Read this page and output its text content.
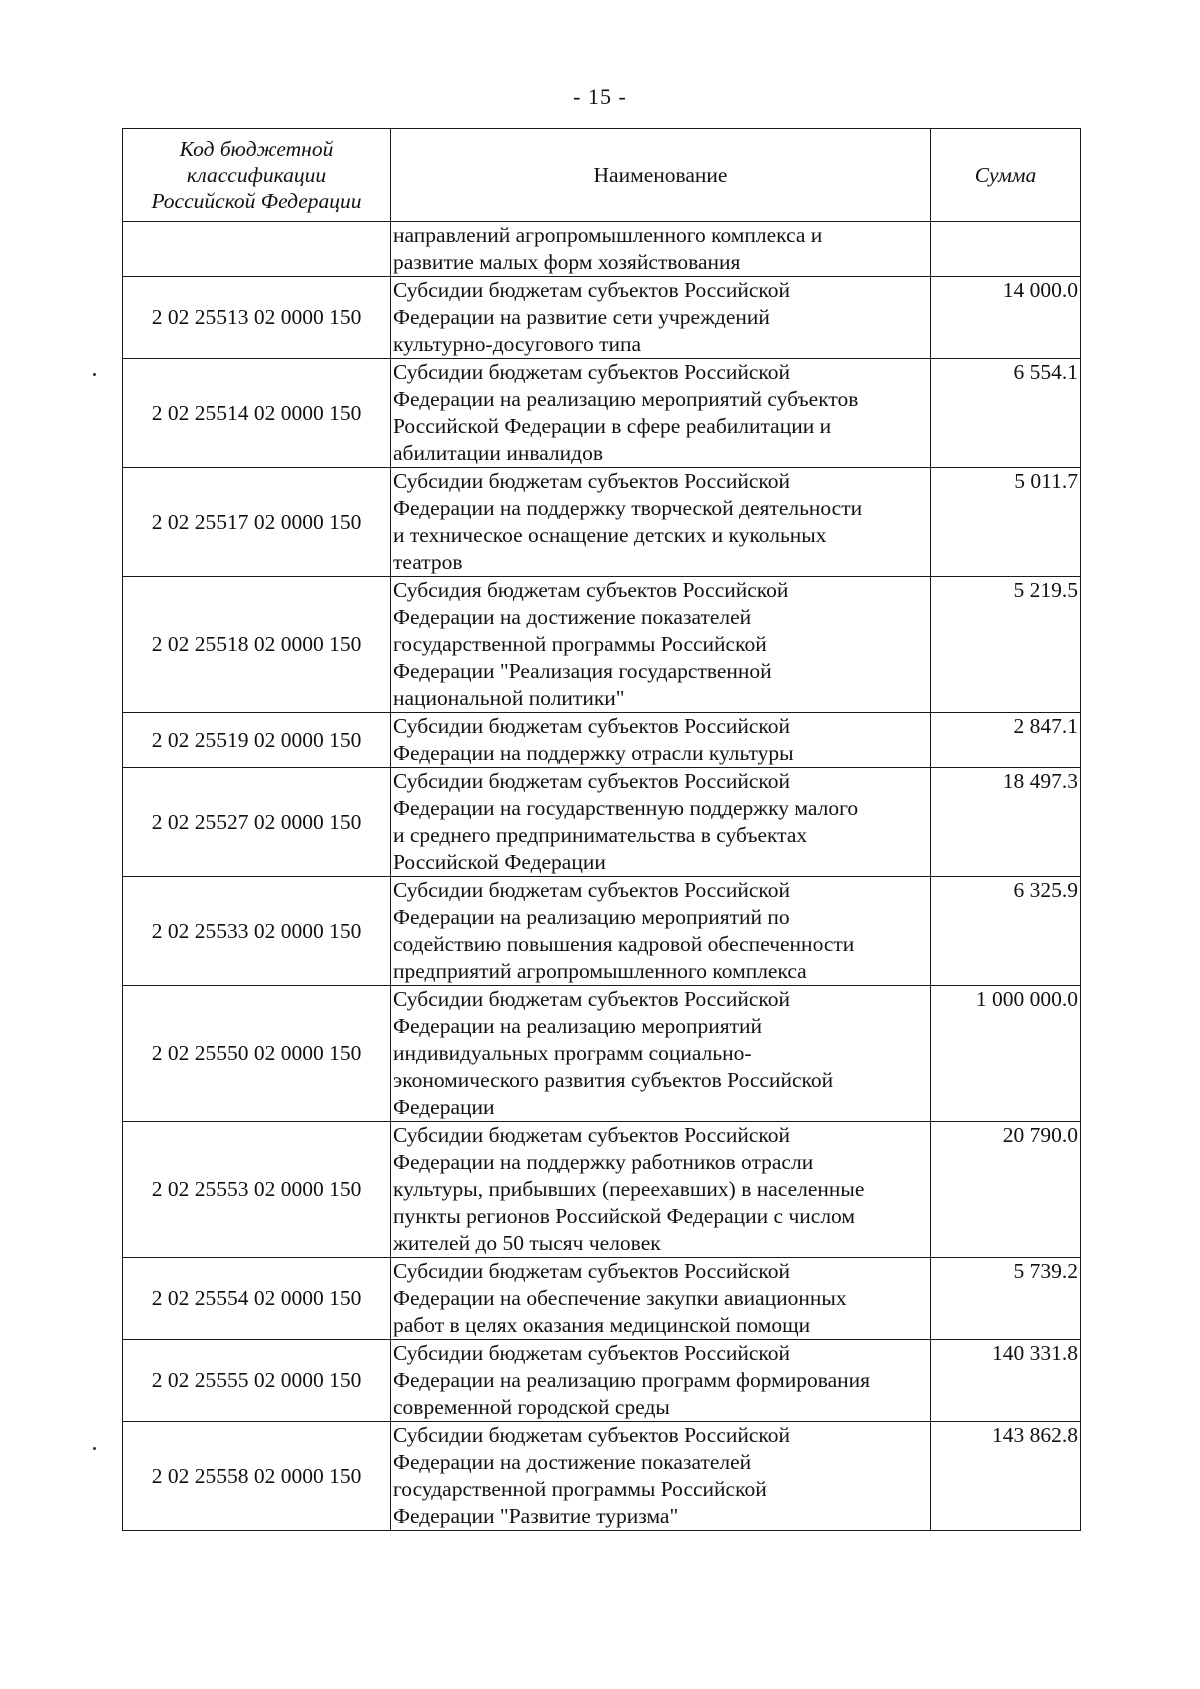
- 15 -
Код бюджетной
классификации
Российской Федерации	Наименование	Сумма

	направлений агропромышленного комплекса и
развитие малых форм хозяйствования	

2 02 25513 02 0000 150	Субсидии бюджетам субъектов Российской
Федерации на развитие сети учреждений
культурно-досугового типа	14 000.0
2 02 25514 02 0000 150	Субсидии бюджетам субъектов Российской
Федерации на реализацию мероприятий субъектов
Российской Федерации в сфере реабилитации и
абилитации инвалидов	6 554.1
2 02 25517 02 0000 150	Субсидии бюджетам субъектов Российской
Федерации на поддержку творческой деятельности
и техническое оснащение детских и кукольных
театров	5 011.7
2 02 25518 02 0000 150	Субсидия бюджетам субъектов Российской
Федерации на достижение показателей
государственной программы Российской
Федерации "Реализация государственной
национальной политики"	5 219.5
2 02 25519 02 0000 150	Субсидии бюджетам субъектов Российской
Федерации на поддержку отрасли культуры	2 847.1
2 02 25527 02 0000 150	Субсидии бюджетам субъектов Российской
Федерации на государственную поддержку малого
и среднего предпринимательства в субъектах
Российской Федерации	18 497.3
2 02 25533 02 0000 150	Субсидии бюджетам субъектов Российской
Федерации на реализацию мероприятий по
содействию повышения кадровой обеспеченности
предприятий агропромышленного комплекса	6 325.9
2 02 25550 02 0000 150	Субсидии бюджетам субъектов Российской
Федерации на реализацию мероприятий
индивидуальных программ социально-
экономического развития субъектов Российской
Федерации	1 000 000.0
2 02 25553 02 0000 150	Субсидии бюджетам субъектов Российской
Федерации на поддержку работников отрасли
культуры, прибывших (переехавших) в населенные
пункты регионов Российской Федерации с числом
жителей до 50 тысяч человек	20 790.0
2 02 25554 02 0000 150	Субсидии бюджетам субъектов Российской
Федерации на обеспечение закупки авиационных
работ в целях оказания медицинской помощи	5 739.2
2 02 25555 02 0000 150	Субсидии бюджетам субъектов Российской
Федерации на реализацию программ формирования
современной городской среды	140 331.8
2 02 25558 02 0000 150	Субсидии бюджетам субъектов Российской
Федерации на достижение показателей
государственной программы Российской
Федерации "Развитие туризма"	143 862.8
